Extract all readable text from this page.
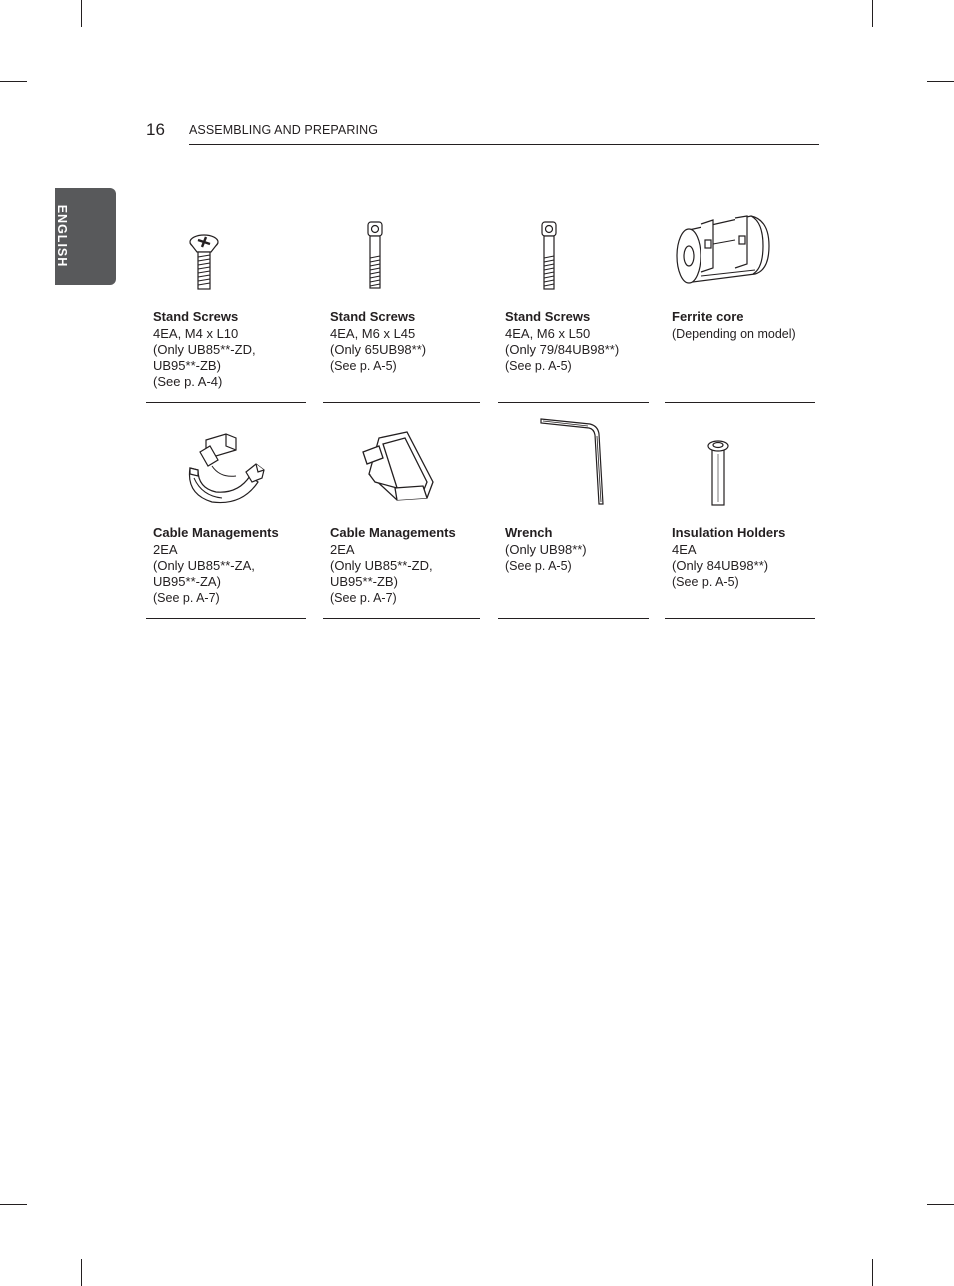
16 ASSEMBLING AND PREPARING
ENGLISH
Stand Screws
4EA, M4 x L10
(Only UB85**-ZD,
UB95**-ZB)
(See p. A-4)
Stand Screws
4EA, M6 x L45
(Only 65UB98**)
(See p. A-5)
Stand Screws
4EA, M6 x L50
(Only 79/84UB98**)
(See p. A-5)
Ferrite core
(Depending on model)
Cable Managements
2EA
(Only UB85**-ZA,
UB95**-ZA)
(See p. A-7)
Cable Managements
2EA
(Only UB85**-ZD,
UB95**-ZB)
(See p. A-7)
Wrench
(Only UB98**)
(See p. A-5)
Insulation Holders
4EA
(Only 84UB98**)
(See p. A-5)
